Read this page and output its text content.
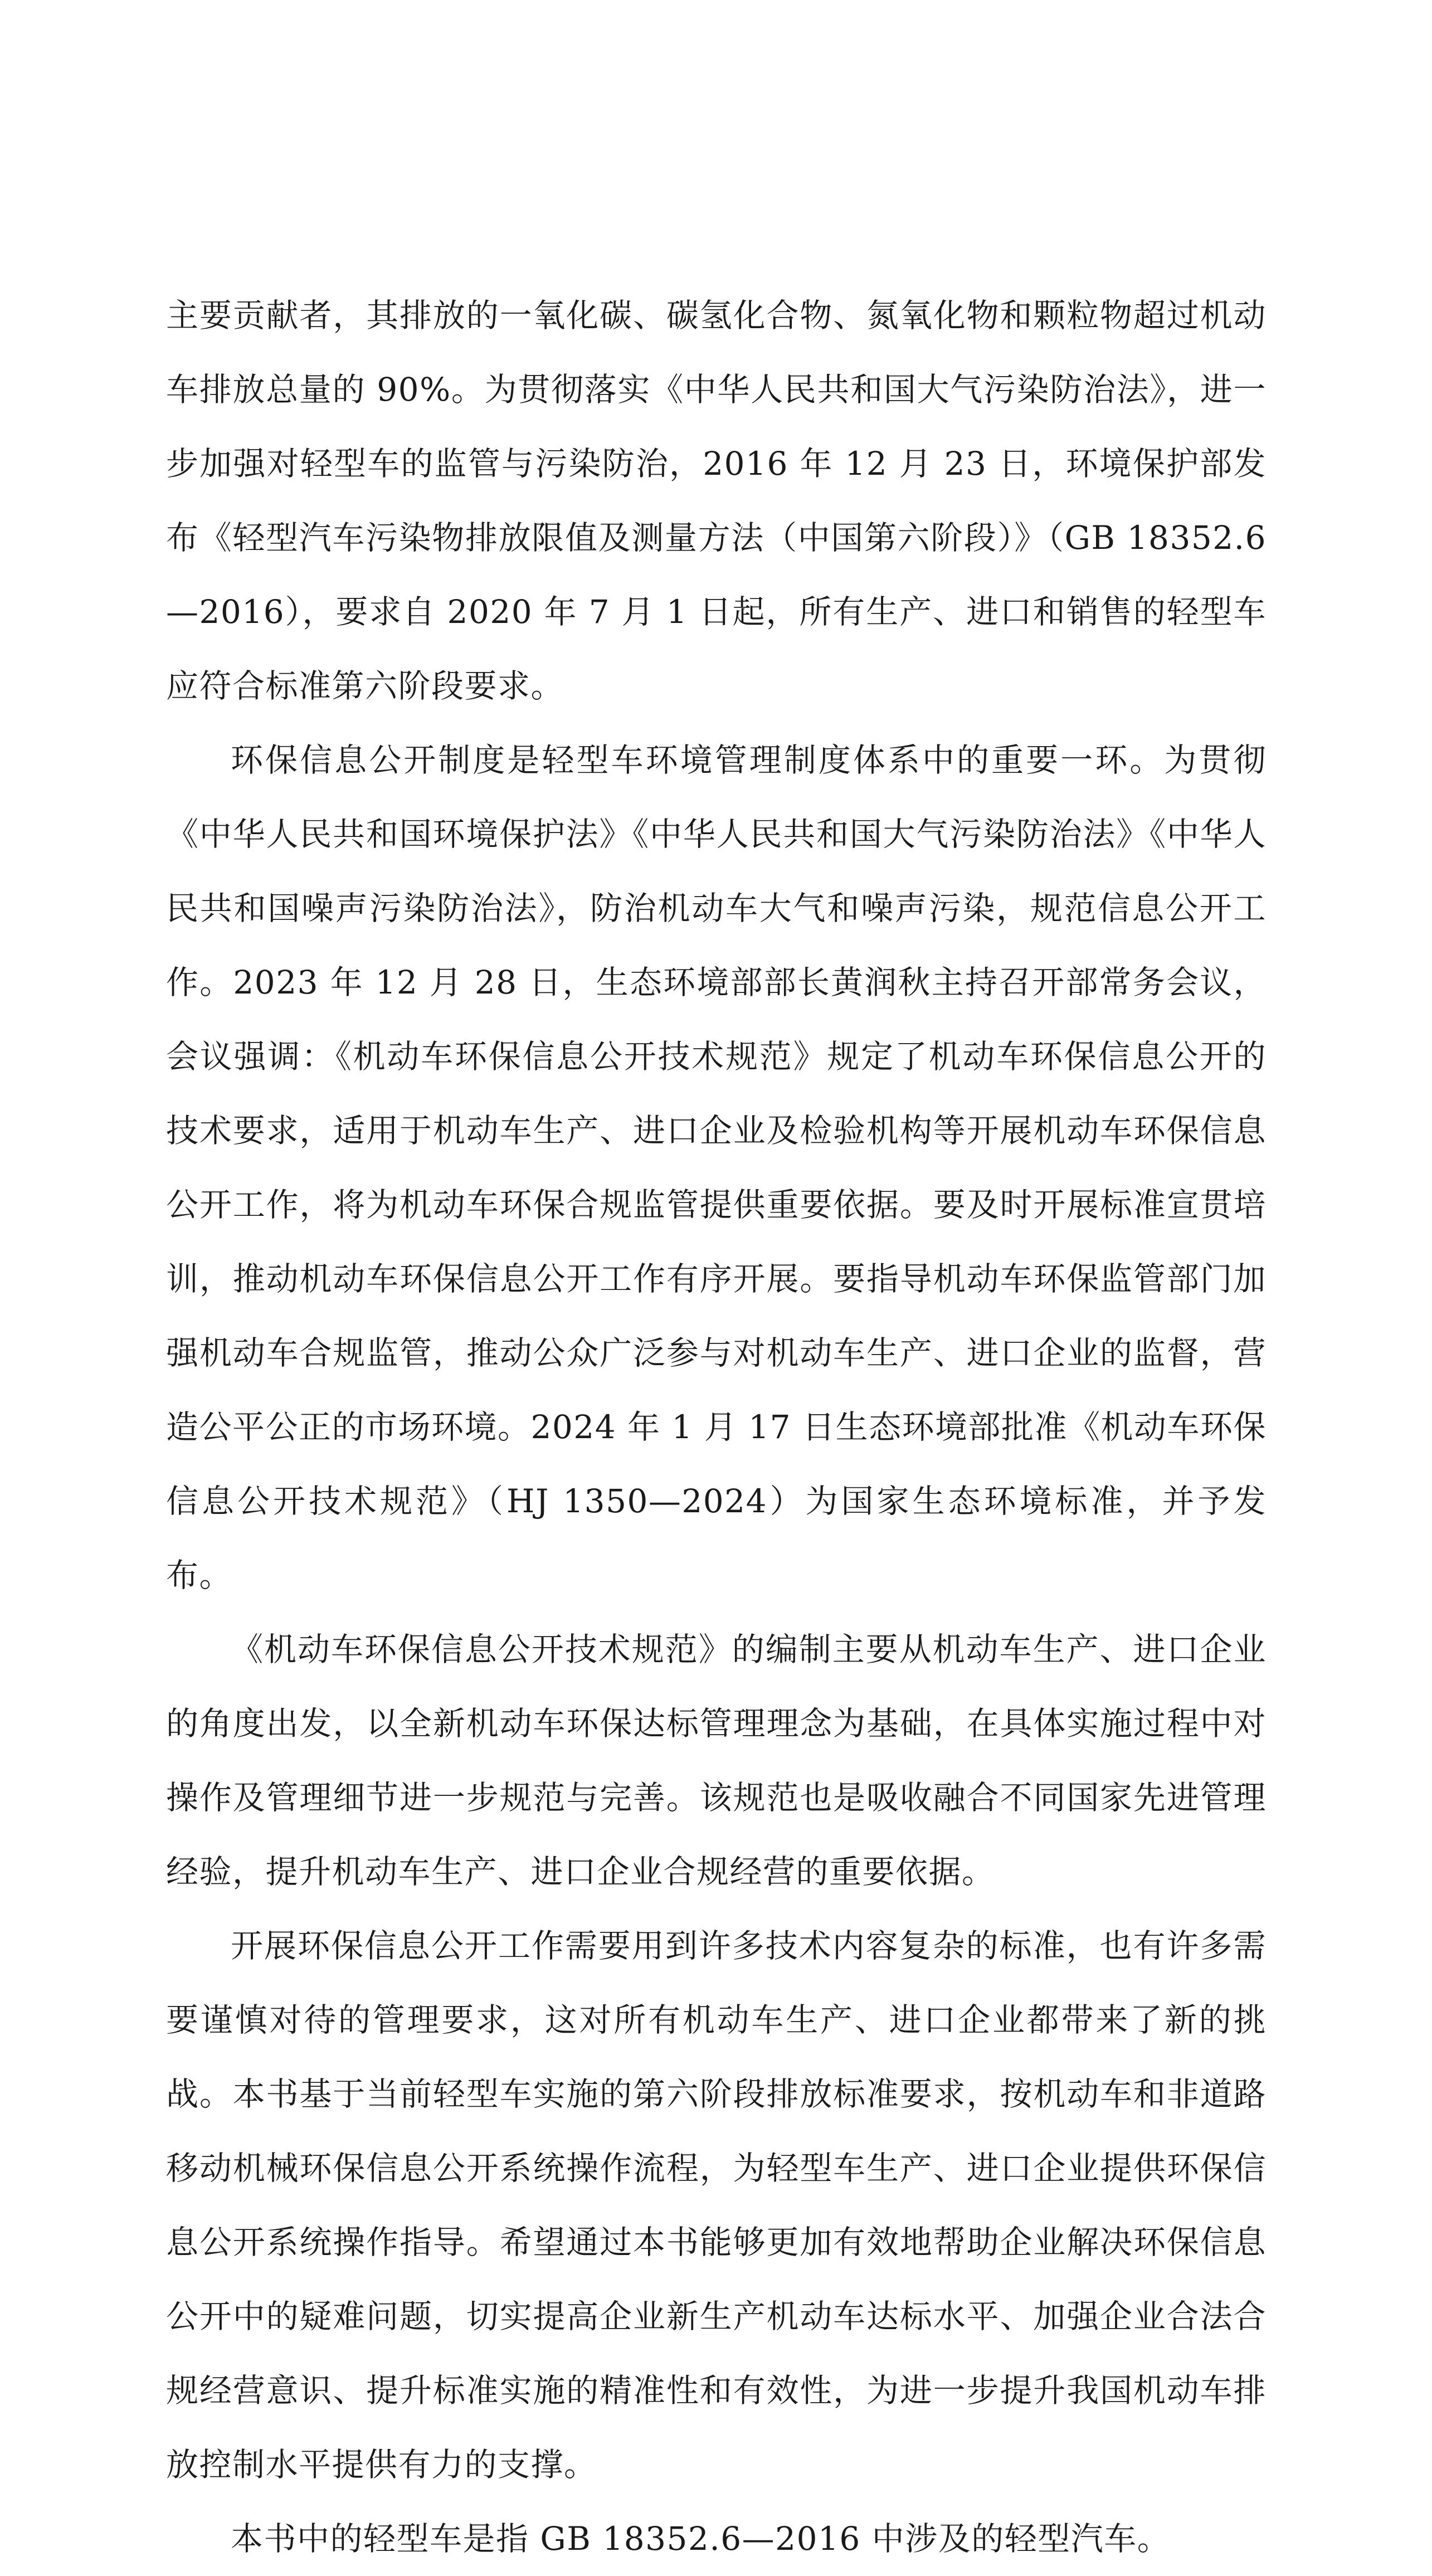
主要贡献者，其排放的一氧化碳、碳氢化合物、氮氧化物和颗粒物超过机动车排放总量的 90%。为贯彻落实《中华人民共和国大气污染防治法》，进一步加强对轻型车的监管与污染防治，2016 年 12 月 23 日，环境保护部发布《轻型汽车污染物排放限值及测量方法（中国第六阶段）》（GB 18352.6—2016），要求自 2020 年 7 月 1 日起，所有生产、进口和销售的轻型车应符合标准第六阶段要求。

环保信息公开制度是轻型车环境管理制度体系中的重要一环。为贯彻《中华人民共和国环境保护法》《中华人民共和国大气污染防治法》《中华人民共和国噪声污染防治法》，防治机动车大气和噪声污染，规范信息公开工作。2023 年 12 月 28 日，生态环境部部长黄润秋主持召开部常务会议，会议强调：《机动车环保信息公开技术规范》规定了机动车环保信息公开的技术要求，适用于机动车生产、进口企业及检验机构等开展机动车环保信息公开工作，将为机动车环保合规监管提供重要依据。要及时开展标准宣贯培训，推动机动车环保信息公开工作有序开展。要指导机动车环保监管部门加强机动车合规监管，推动公众广泛参与对机动车生产、进口企业的监督，营造公平公正的市场环境。2024 年 1 月 17 日生态环境部批准《机动车环保信息公开技术规范》（HJ 1350—2024）为国家生态环境标准，并予发布。

《机动车环保信息公开技术规范》的编制主要从机动车生产、进口企业的角度出发，以全新机动车环保达标管理理念为基础，在具体实施过程中对操作及管理细节进一步规范与完善。该规范也是吸收融合不同国家先进管理经验，提升机动车生产、进口企业合规经营的重要依据。

开展环保信息公开工作需要用到许多技术内容复杂的标准，也有许多需要谨慎对待的管理要求，这对所有机动车生产、进口企业都带来了新的挑战。本书基于当前轻型车实施的第六阶段排放标准要求，按机动车和非道路移动机械环保信息公开系统操作流程，为轻型车生产、进口企业提供环保信息公开系统操作指导。希望通过本书能够更加有效地帮助企业解决环保信息公开中的疑难问题，切实提高企业新生产机动车达标水平、加强企业合法合规经营意识、提升标准实施的精准性和有效性，为进一步提升我国机动车排放控制水平提供有力的支撑。

本书中的轻型车是指 GB 18352.6—2016 中涉及的轻型汽车。
